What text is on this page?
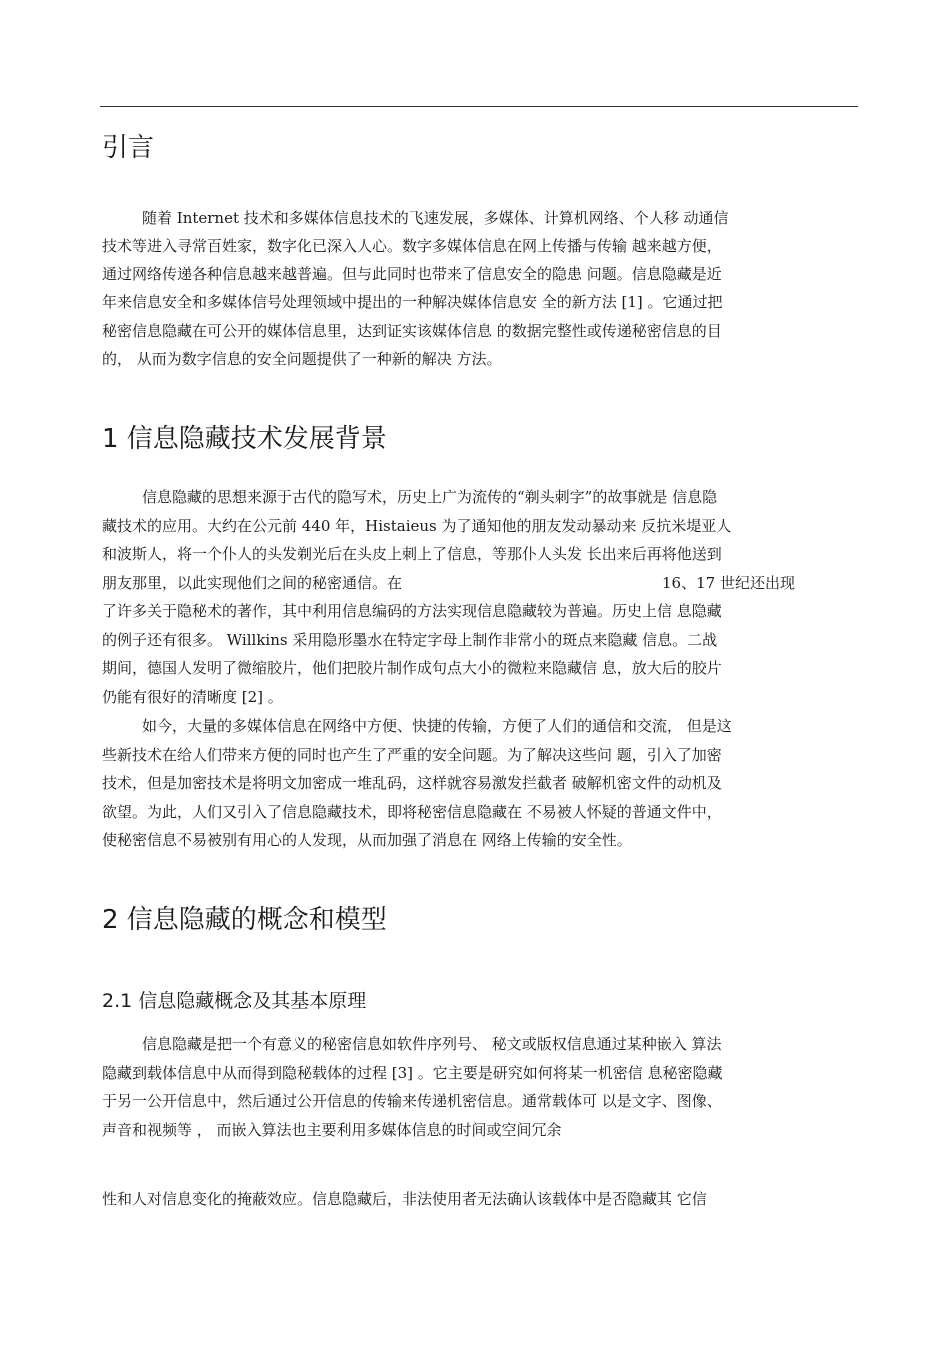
引言
随着 Internet 技术和多媒体信息技术的飞速发展，多媒体、计算机网络、个人移 动通信
技术等进入寻常百姓家，数字化已深入人心。数字多媒体信息在网上传播与传输 越来越方便，
通过网络传递各种信息越来越普遍。但与此同时也带来了信息安全的隐患 问题。信息隐藏是近
年来信息安全和多媒体信号处理领域中提出的一种解决媒体信息安 全的新方法 [1] 。它通过把
秘密信息隐藏在可公开的媒体信息里，达到证实该媒体信息 的数据完整性或传递秘密信息的目
的， 从而为数字信息的安全问题提供了一种新的解决 方法。
1 信息隐藏技术发展背景
信息隐藏的思想来源于古代的隐写术，历史上广为流传的“剃头刺字”的故事就是 信息隐
藏技术的应用。大约在公元前 440 年，Histaieus 为了通知他的朋友发动暴动来 反抗米堤亚人
和波斯人，将一个仆人的头发剃光后在头皮上刺上了信息，等那仆人头发 长出来后再将他送到
朋友那里，以此实现他们之间的秘密通信。在	16、17 世纪还出现
了许多关于隐秘术的著作，其中利用信息编码的方法实现信息隐藏较为普遍。历史上信 息隐藏
的例子还有很多。 Willkins 采用隐形墨水在特定字母上制作非常小的斑点来隐藏 信息。二战
期间，德国人发明了微缩胶片，他们把胶片制作成句点大小的微粒来隐藏信 息，放大后的胶片
仍能有很好的清晰度 [2] 。
如今，大量的多媒体信息在网络中方便、快捷的传输，方便了人们的通信和交流， 但是这
些新技术在给人们带来方便的同时也产生了严重的安全问题。为了解决这些问 题，引入了加密
技术，但是加密技术是将明文加密成一堆乱码，这样就容易激发拦截者 破解机密文件的动机及
欲望。为此，人们又引入了信息隐藏技术，即将秘密信息隐藏在 不易被人怀疑的普通文件中，
使秘密信息不易被别有用心的人发现，从而加强了消息在 网络上传输的安全性。
2 信息隐藏的概念和模型
2.1 信息隐藏概念及其基本原理
信息隐藏是把一个有意义的秘密信息如软件序列号、 秘文或版权信息通过某种嵌入 算法
隐藏到载体信息中从而得到隐秘载体的过程 [3] 。它主要是研究如何将某一机密信 息秘密隐藏
于另一公开信息中，然后通过公开信息的传输来传递机密信息。通常载体可 以是文字、图像、
声音和视频等 ， 而嵌入算法也主要利用多媒体信息的时间或空间冗余
性和人对信息变化的掩蔽效应。信息隐藏后，非法使用者无法确认该载体中是否隐藏其 它信
